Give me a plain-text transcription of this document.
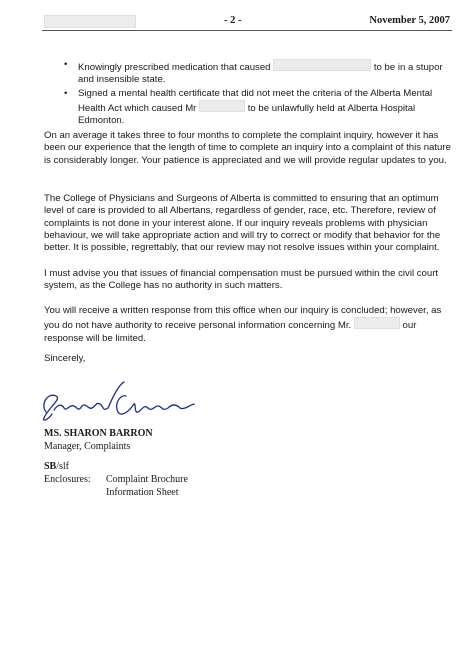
- 2 -	November 5, 2007
• Knowingly prescribed medication that caused	to be in a stupor and insensible state.
• Signed a mental health certificate that did not meet the criteria of the Alberta Mental Health Act which caused Mr	to be unlawfully held at Alberta Hospital Edmonton.
On an average it takes three to four months to complete the complaint inquiry, however it has been our experience that the length of time to complete an inquiry into a complaint of this nature is considerably longer. Your patience is appreciated and we will provide regular updates to you.
The College of Physicians and Surgeons of Alberta is committed to ensuring that an optimum level of care is provided to all Albertans, regardless of gender, race, etc. Therefore, review of complaints is not done in your interest alone. If our inquiry reveals problems with physician behaviour, we will take appropriate action and will try to correct or modify that behavior for the better. It is possible, regrettably, that our review may not resolve issues within your complaint.
I must advise you that issues of financial compensation must be pursued within the civil court system, as the College has no authority in such matters.
You will receive a written response from this office when our inquiry is concluded; however, as you do not have authority to receive personal information concerning Mr.	our response will be limited.
Sincerely,
MS. SHARON BARRON
Manager, Complaints
SB/slf
Enclosures: Complaint Brochure
Information Sheet
